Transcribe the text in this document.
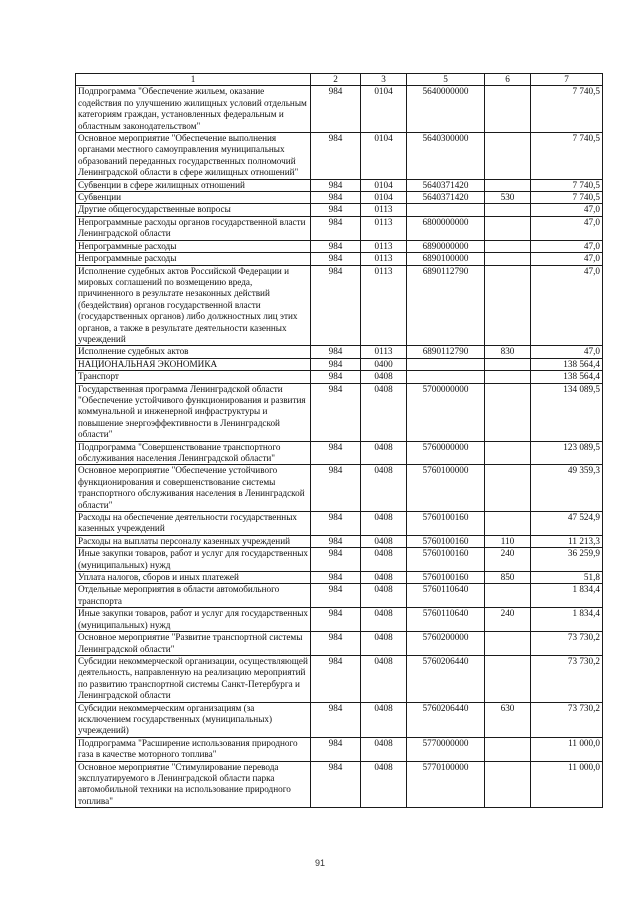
1	2	3	5	6	7
Подпрограмма "Обеспечение жильем, оказание содействия по улучшению жилищных условий отдельным категориям граждан, установленных федеральным и областным законодательством"	984	0104	5640000000		7 740,5
Основное мероприятие "Обеспечение выполнения органами местного самоуправления муниципальных образований переданных государственных полномочий Ленинградской области в сфере жилищных отношений"	984	0104	5640300000		7 740,5
Субвенции в сфере жилищных отношений	984	0104	5640371420		7 740,5
Субвенции	984	0104	5640371420	530	7 740,5
Другие общегосударственные вопросы	984	0113			47,0
Непрограммные расходы органов государственной власти Ленинградской области	984	0113	6800000000		47,0
Непрограммные расходы	984	0113	6890000000		47,0
Непрограммные расходы	984	0113	6890100000		47,0
Исполнение судебных актов Российской Федерации и мировых соглашений по возмещению вреда, причиненного в результате незаконных действий (бездействия) органов государственной власти (государственных органов) либо должностных лиц этих органов, а также в результате деятельности казенных учреждений	984	0113	6890112790		47,0
Исполнение судебных актов	984	0113	6890112790	830	47,0
НАЦИОНАЛЬНАЯ ЭКОНОМИКА	984	0400			138 564,4
Транспорт	984	0408			138 564,4
Государственная программа Ленинградской области "Обеспечение устойчивого функционирования и развития коммунальной и инженерной инфраструктуры и повышение энергоэффективности в Ленинградской области"	984	0408	5700000000		134 089,5
Подпрограмма "Совершенствование транспортного обслуживания населения Ленинградской области"	984	0408	5760000000		123 089,5
Основное мероприятие "Обеспечение устойчивого функционирования и совершенствование системы транспортного обслуживания населения в Ленинградской области"	984	0408	5760100000		49 359,3
Расходы на обеспечение деятельности государственных казенных учреждений	984	0408	5760100160		47 524,9
Расходы на выплаты персоналу казенных учреждений	984	0408	5760100160	110	11 213,3
Иные закупки товаров, работ и услуг для государственных (муниципальных) нужд	984	0408	5760100160	240	36 259,9
Уплата налогов, сборов и иных платежей	984	0408	5760100160	850	51,8
Отдельные мероприятия в области автомобильного транспорта	984	0408	5760110640		1 834,4
Иные закупки товаров, работ и услуг для государственных (муниципальных) нужд	984	0408	5760110640	240	1 834,4
Основное мероприятие "Развитие транспортной системы Ленинградской области"	984	0408	5760200000		73 730,2
Субсидии некоммерческой организации, осуществляющей деятельность, направленную на реализацию мероприятий по развитию транспортной системы Санкт-Петербурга и Ленинградской области	984	0408	5760206440		73 730,2
Субсидии некоммерческим организациям (за исключением государственных (муниципальных) учреждений)	984	0408	5760206440	630	73 730,2
Подпрограмма "Расширение использования природного газа в качестве моторного топлива"	984	0408	5770000000		11 000,0
Основное мероприятие "Стимулирование перевода эксплуатируемого в Ленинградской области парка автомобильной техники на использование природного топлива"	984	0408	5770100000		11 000,0
91
